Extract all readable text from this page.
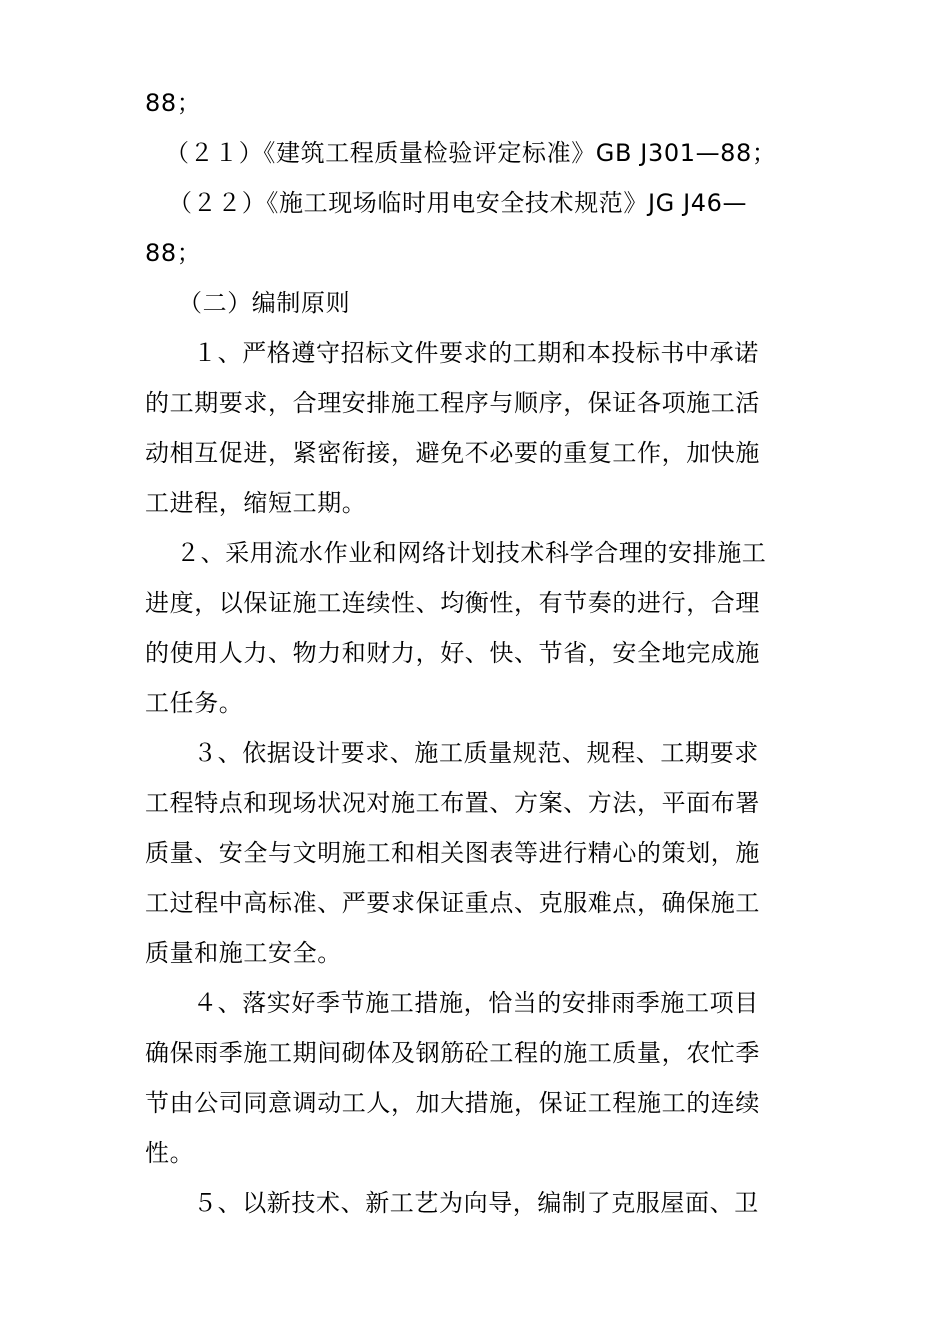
88；
（２１）《建筑工程质量检验评定标准》GB J301—88；
（２２）《施工现场临时用电安全技术规范》JG J46—
88；
（二）编制原则
１、严格遵守招标文件要求的工期和本投标书中承诺
的工期要求，合理安排施工程序与顺序，保证各项施工活
动相互促进，紧密衔接，避免不必要的重复工作，加快施
工进程，缩短工期。
２、采用流水作业和网络计划技术科学合理的安排施工
进度，以保证施工连续性、均衡性，有节奏的进行，合理
的使用人力、物力和财力，好、快、节省，安全地完成施
工任务。
３、依据设计要求、施工质量规范、规程、工期要求
工程特点和现场状况对施工布置、方案、方法，平面布署
质量、安全与文明施工和相关图表等进行精心的策划，施
工过程中高标准、严要求保证重点、克服难点，确保施工
质量和施工安全。
４、落实好季节施工措施，恰当的安排雨季施工项目
确保雨季施工期间砌体及钢筋砼工程的施工质量，农忙季
节由公司同意调动工人，加大措施，保证工程施工的连续
性。
５、以新技术、新工艺为向导，编制了克服屋面、卫
